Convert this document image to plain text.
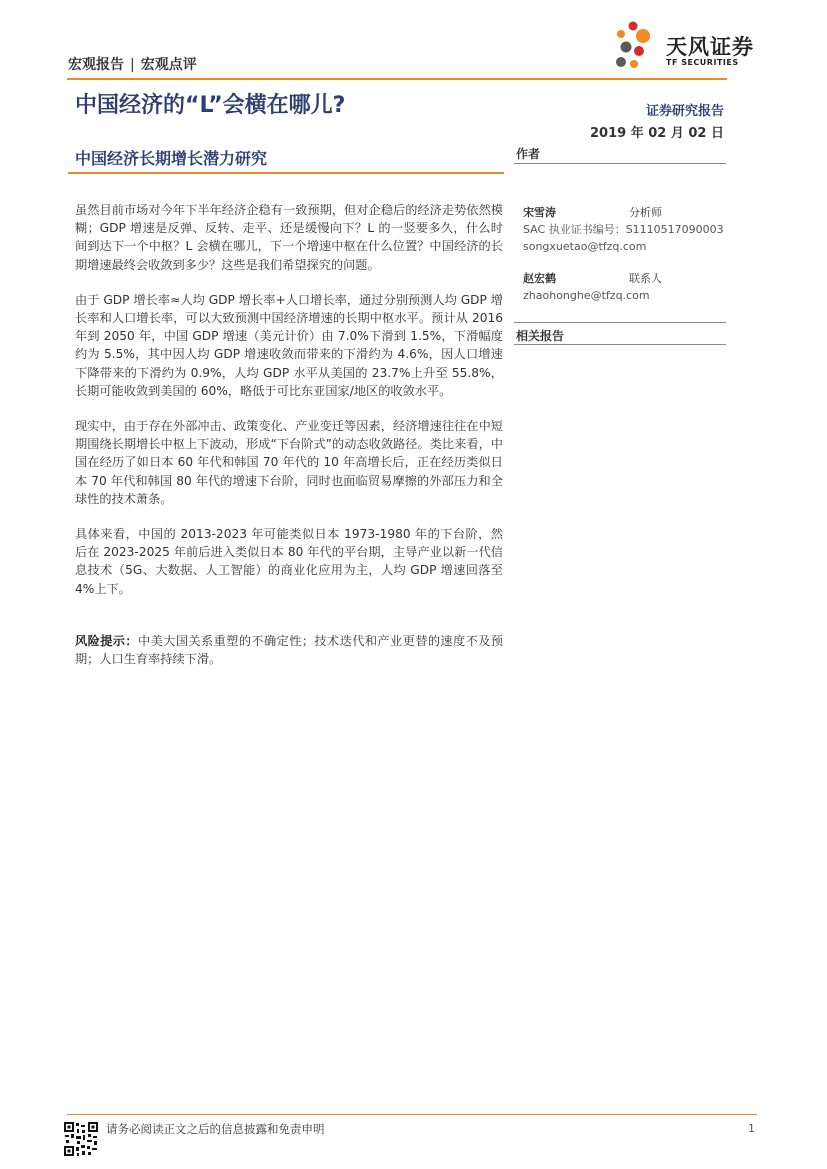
宏观报告 | 宏观点评
天风证券
TF SECURITIES
中国经济的“L”会横在哪儿?	证券研究报告
2019 年 02 月 02 日
中国经济长期增长潜力研究	作者
宋雪涛	分析师
SAC 执业证书编号：S1110517090003
songxuetao@tfzq.com
赵宏鹤	联系人
zhaohonghe@tfzq.com
相关报告

虽然目前市场对今年下半年经济企稳有一致预期，但对企稳后的经济走势依然模糊；GDP 增速是反弹、反转、走平、还是缓慢向下？L 的一竖要多久，什么时间到达下一个中枢？L 会横在哪儿，下一个增速中枢在什么位置？中国经济的长期增速最终会收敛到多少？这些是我们希望探究的问题。

由于 GDP 增长率≈人均 GDP 增长率+人口增长率，通过分别预测人均 GDP 增长率和人口增长率，可以大致预测中国经济增速的长期中枢水平。预计从 2016 年到 2050 年，中国 GDP 增速（美元计价）由 7.0%下滑到 1.5%，下滑幅度约为 5.5%，其中因人均 GDP 增速收敛而带来的下滑约为 4.6%，因人口增速下降带来的下滑约为 0.9%，人均 GDP 水平从美国的 23.7%上升至 55.8%，长期可能收敛到美国的 60%，略低于可比东亚国家/地区的收敛水平。

现实中，由于存在外部冲击、政策变化、产业变迁等因素，经济增速往往在中短期围绕长期增长中枢上下波动，形成“下台阶式”的动态收敛路径。类比来看，中国在经历了如日本 60 年代和韩国 70 年代的 10 年高增长后，正在经历类似日本 70 年代和韩国 80 年代的增速下台阶，同时也面临贸易摩擦的外部压力和全球性的技术萧条。

具体来看，中国的 2013-2023 年可能类似日本 1973-1980 年的下台阶，然后在 2023-2025 年前后进入类似日本 80 年代的平台期，主导产业以新一代信息技术（5G、大数据、人工智能）的商业化应用为主，人均 GDP 增速回落至 4%上下。

风险提示：中美大国关系重塑的不确定性；技术迭代和产业更替的速度不及预期；人口生育率持续下滑。

请务必阅读正文之后的信息披露和免责申明	1
